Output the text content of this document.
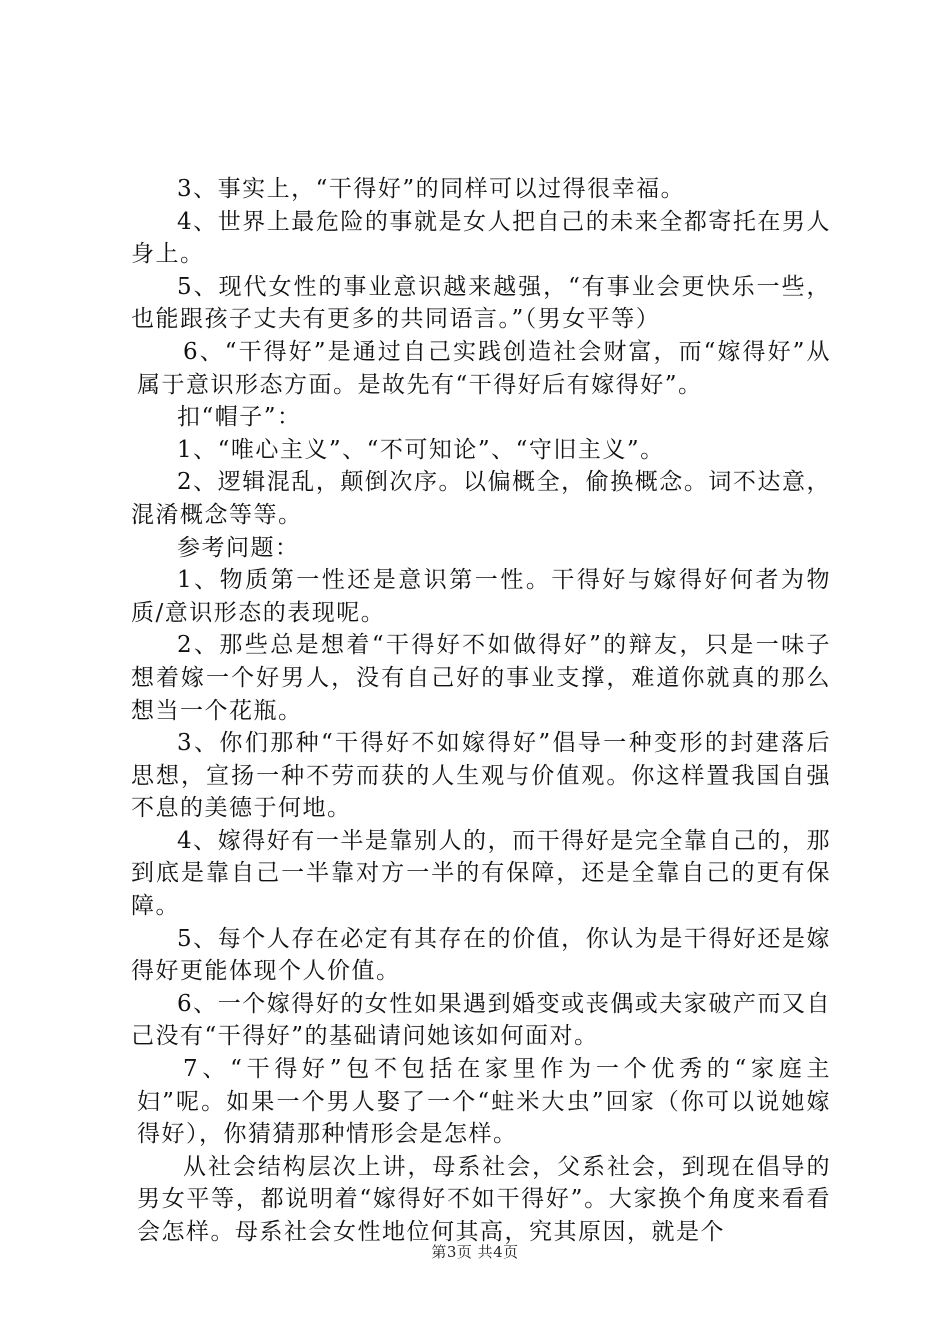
3、事实上，“干得好”的同样可以过得很幸福。

4、世界上最危险的事就是女人把自己的未来全都寄托在男人身上。

5、现代女性的事业意识越来越强，“有事业会更快乐一些，也能跟孩子丈夫有更多的共同语言。”（男女平等）

6、“干得好”是通过自己实践创造社会财富，而“嫁得好”从属于意识形态方面。是故先有“干得好后有嫁得好”。

扣“帽子”：

1、“唯心主义”、“不可知论”、“守旧主义”。

2、逻辑混乱，颠倒次序。以偏概全，偷换概念。词不达意，混淆概念等等。

参考问题：

1、物质第一性还是意识第一性。干得好与嫁得好何者为物质/意识形态的表现呢。

2、那些总是想着“干得好不如做得好”的辩友，只是一味子想着嫁一个好男人，没有自己好的事业支撑，难道你就真的那么想当一个花瓶。

3、你们那种“干得好不如嫁得好”倡导一种变形的封建落后思想，宣扬一种不劳而获的人生观与价值观。你这样置我国自强不息的美德于何地。

4、嫁得好有一半是靠别人的，而干得好是完全靠自己的，那到底是靠自己一半靠对方一半的有保障，还是全靠自己的更有保障。

5、每个人存在必定有其存在的价值，你认为是干得好还是嫁得好更能体现个人价值。

6、一个嫁得好的女性如果遇到婚变或丧偶或夫家破产而又自己没有“干得好”的基础请问她该如何面对。

7、“干得好”包不包括在家里作为一个优秀的“家庭主妇”呢。如果一个男人娶了一个“蛀米大虫”回家（你可以说她嫁得好），你猜猜那种情形会是怎样。

从社会结构层次上讲，母系社会，父系社会，到现在倡导的男女平等，都说明着“嫁得好不如干得好”。大家换个角度来看看会怎样。母系社会女性地位何其高，究其原因，就是个

第3页 共4页
